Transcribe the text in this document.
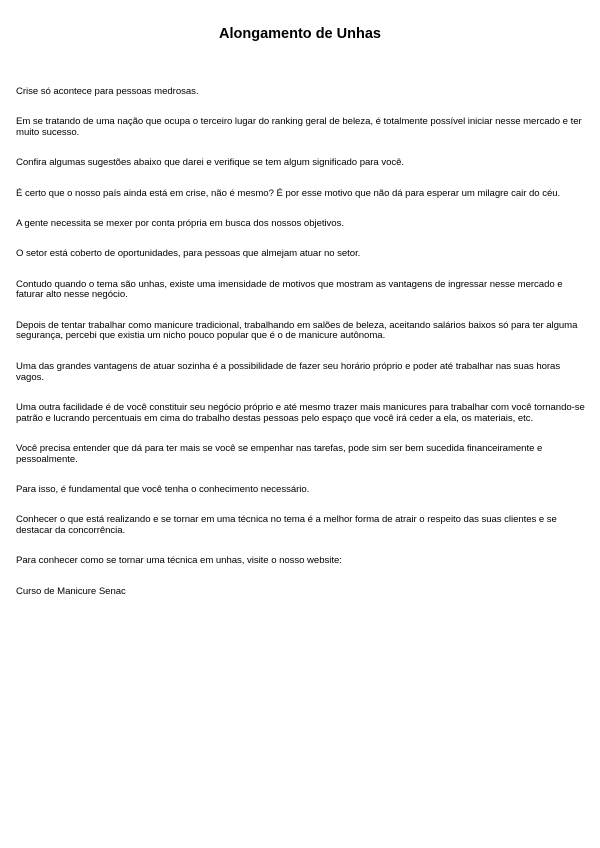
Alongamento de Unhas

Crise só acontece para pessoas medrosas.

Em se tratando de uma nação que ocupa o terceiro lugar do ranking geral de beleza, é totalmente possível iniciar nesse mercado e ter muito sucesso.

Confira algumas sugestões abaixo que darei e verifique se tem algum significado para você.

É certo que o nosso país ainda está em crise, não é mesmo? É por esse motivo que não dá para esperar um milagre cair do céu.

A gente necessita se mexer por conta própria em busca dos nossos objetivos.

O setor está coberto de oportunidades, para pessoas que almejam atuar no setor.

Contudo quando o tema são unhas, existe uma imensidade de motivos que mostram as vantagens de ingressar nesse mercado e faturar alto nesse negócio.

Depois de tentar trabalhar como manicure tradicional, trabalhando em salões de beleza, aceitando salários baixos só para ter alguma segurança, percebi que existia um nicho pouco popular que é o de manicure autônoma.

Uma das grandes vantagens de atuar sozinha é a possibilidade de fazer seu horário próprio e poder até trabalhar nas suas horas vagos.

Uma outra facilidade é de você constituir seu negócio próprio e até mesmo trazer mais manicures para trabalhar com você tornando-se patrão e lucrando percentuais em cima do trabalho destas pessoas pelo espaço que você irá ceder a ela, os materiais, etc.

Você precisa entender que dá para ter mais se você se empenhar nas tarefas, pode sim ser bem sucedida financeiramente e pessoalmente.

Para isso, é fundamental que você tenha o conhecimento necessário.

Conhecer o que está realizando e se tornar em uma técnica no tema é a melhor forma de atrair o respeito das suas clientes e se destacar da concorrência.

Para conhecer como se tornar uma técnica em unhas, visite o nosso website:

Curso de Manicure Senac
